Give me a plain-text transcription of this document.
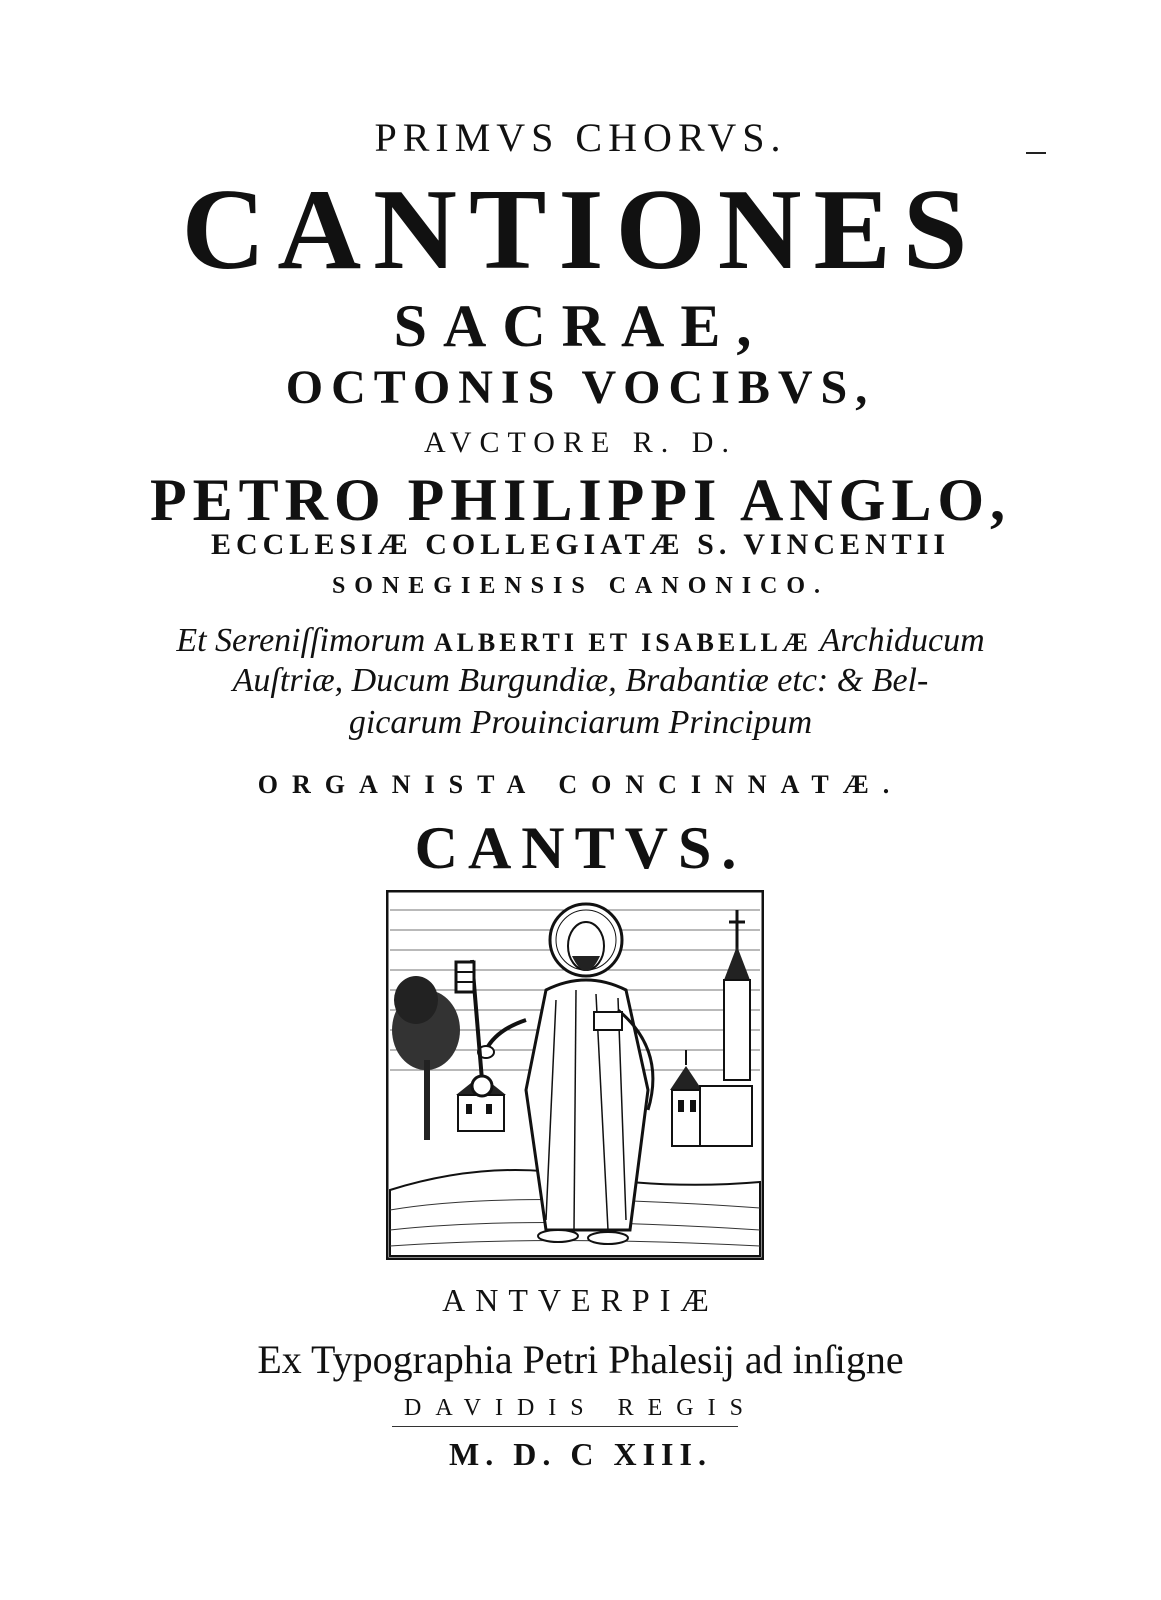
PRIMVS CHORVS.
CANTIONES
SACRAE,
OCTONIS VOCIBVS,
AVCTORE R. D.
PETRO PHILIPPI ANGLO,
ECCLESIÆ COLLEGIATÆ S. VINCENTII
SONEGIENSIS CANONICO.
Et Sereniſſimorum ALBERTI ET ISABELLÆ Archiducum
Auſtriæ, Ducum Burgundiæ, Brabantiæ etc: & Bel-
gicarum Prouinciarum Principum
ORGANISTA CONCINNATÆ.
CANTVS.
ANTVERPIÆ
Ex Typographia Petri Phalesij ad inſigne
DAVIDIS REGIS
M. D. C XIII.
